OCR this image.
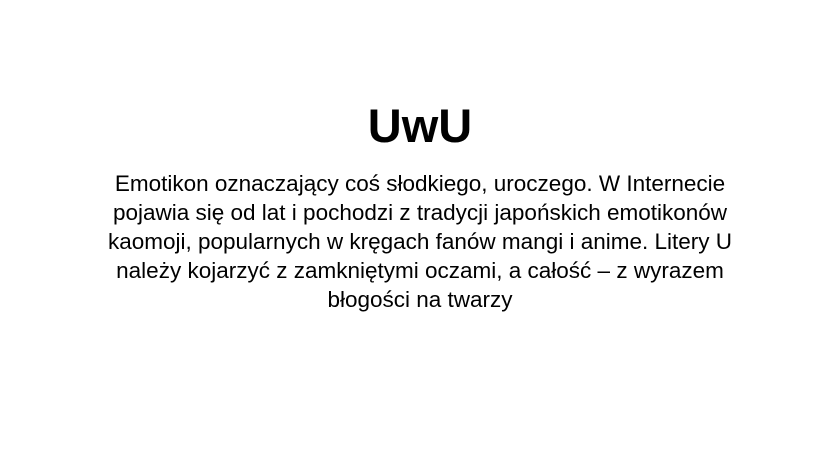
UwU
Emotikon oznaczający coś słodkiego, uroczego. W Internecie
pojawia się od lat i pochodzi z tradycji japońskich emotikonów
kaomoji, popularnych w kręgach fanów mangi i anime. Litery U
należy kojarzyć z zamkniętymi oczami, a całość – z wyrazem
błogości na twarzy
